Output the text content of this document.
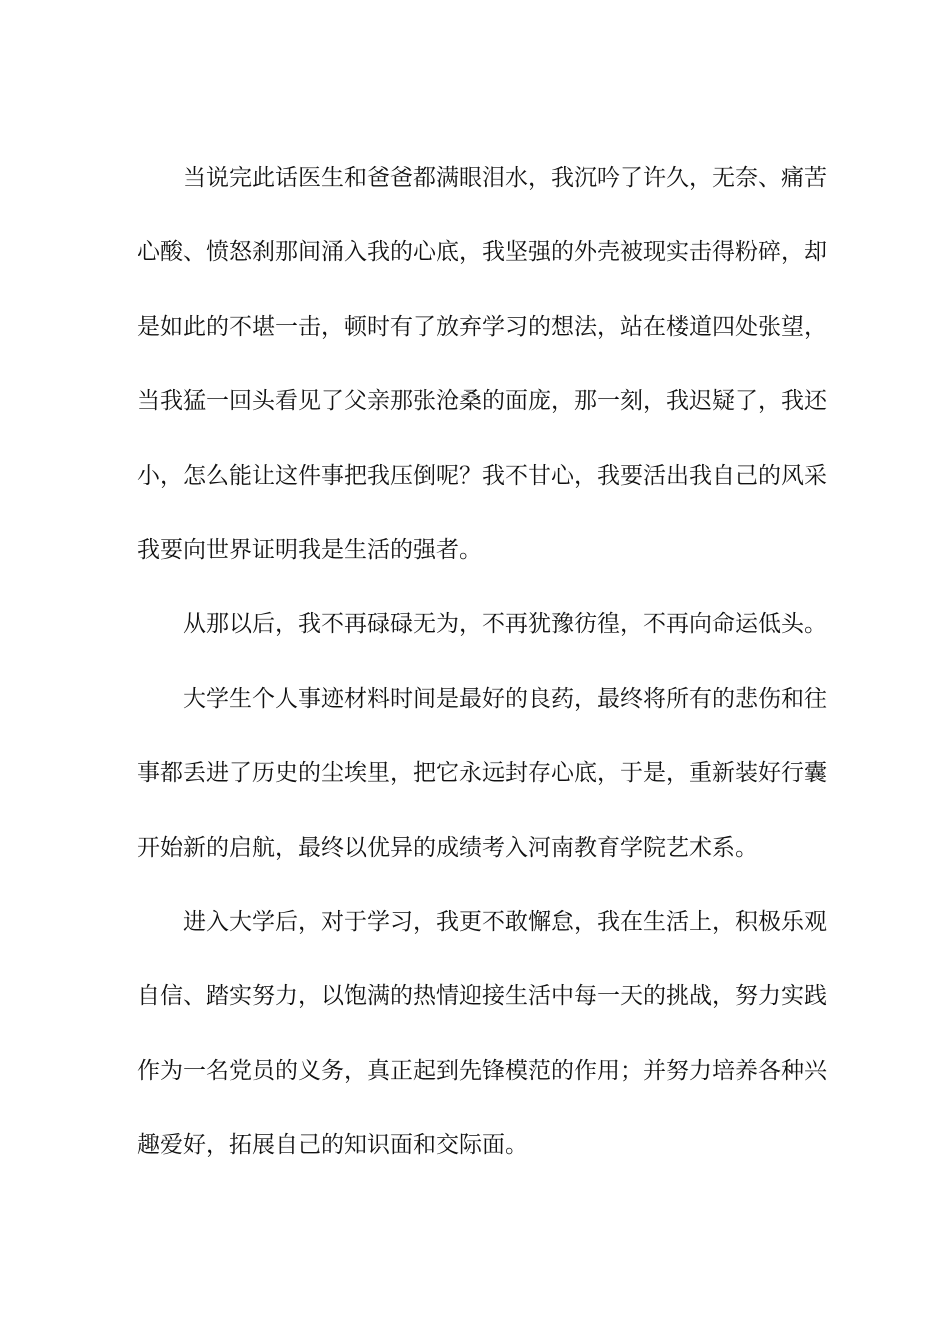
当说完此话医生和爸爸都满眼泪水，我沉吟了许久，无奈、痛苦
心酸、愤怒刹那间涌入我的心底，我坚强的外壳被现实击得粉碎，却
是如此的不堪一击，顿时有了放弃学习的想法，站在楼道四处张望，
当我猛一回头看见了父亲那张沧桑的面庞，那一刻，我迟疑了，我还
小，怎么能让这件事把我压倒呢？我不甘心，我要活出我自己的风采
我要向世界证明我是生活的强者。
从那以后，我不再碌碌无为，不再犹豫彷徨，不再向命运低头。
大学生个人事迹材料时间是最好的良药，最终将所有的悲伤和往
事都丢进了历史的尘埃里，把它永远封存心底，于是，重新装好行囊
开始新的启航，最终以优异的成绩考入河南教育学院艺术系。
进入大学后，对于学习，我更不敢懈怠，我在生活上，积极乐观
自信、踏实努力，以饱满的热情迎接生活中每一天的挑战，努力实践
作为一名党员的义务，真正起到先锋模范的作用；并努力培养各种兴
趣爱好，拓展自己的知识面和交际面。
